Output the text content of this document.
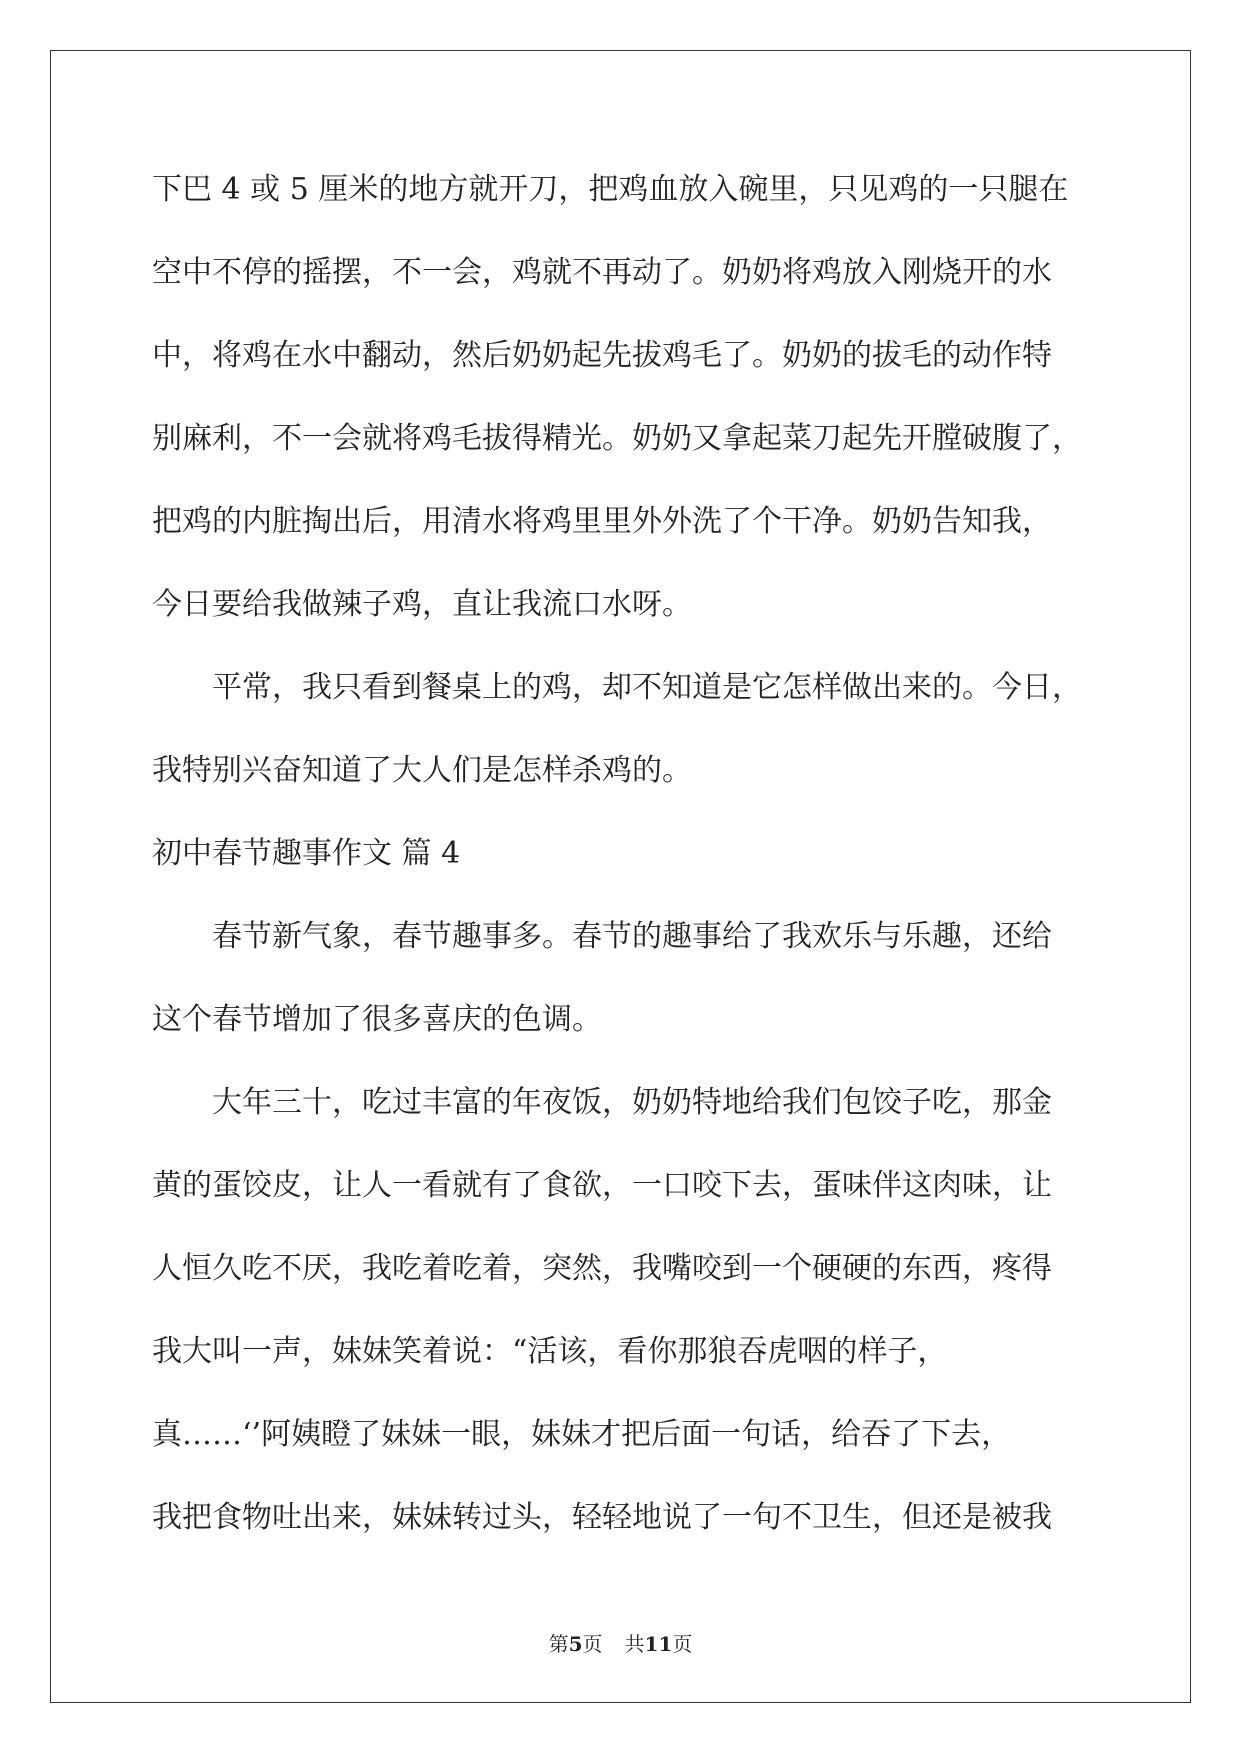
下巴 4 或 5 厘米的地方就开刀，把鸡血放入碗里，只见鸡的一只腿在
空中不停的摇摆，不一会，鸡就不再动了。奶奶将鸡放入刚烧开的水
中，将鸡在水中翻动，然后奶奶起先拔鸡毛了。奶奶的拔毛的动作特
别麻利，不一会就将鸡毛拔得精光。奶奶又拿起菜刀起先开膛破腹了，
把鸡的内脏掏出后，用清水将鸡里里外外洗了个干净。奶奶告知我，
今日要给我做辣子鸡，直让我流口水呀。
平常，我只看到餐桌上的鸡，却不知道是它怎样做出来的。今日，
我特别兴奋知道了大人们是怎样杀鸡的。
初中春节趣事作文 篇 4
春节新气象，春节趣事多。春节的趣事给了我欢乐与乐趣，还给
这个春节增加了很多喜庆的色调。
大年三十，吃过丰富的年夜饭，奶奶特地给我们包饺子吃，那金
黄的蛋饺皮，让人一看就有了食欲，一口咬下去，蛋味伴这肉味，让
人恒久吃不厌，我吃着吃着，突然，我嘴咬到一个硬硬的东西，疼得
我大叫一声，妹妹笑着说：“活该，看你那狼吞虎咽的样子，
真……‘’阿姨瞪了妹妹一眼，妹妹才把后面一句话，给吞了下去，
我把食物吐出来，妹妹转过头，轻轻地说了一句不卫生，但还是被我
第5页 共11页
